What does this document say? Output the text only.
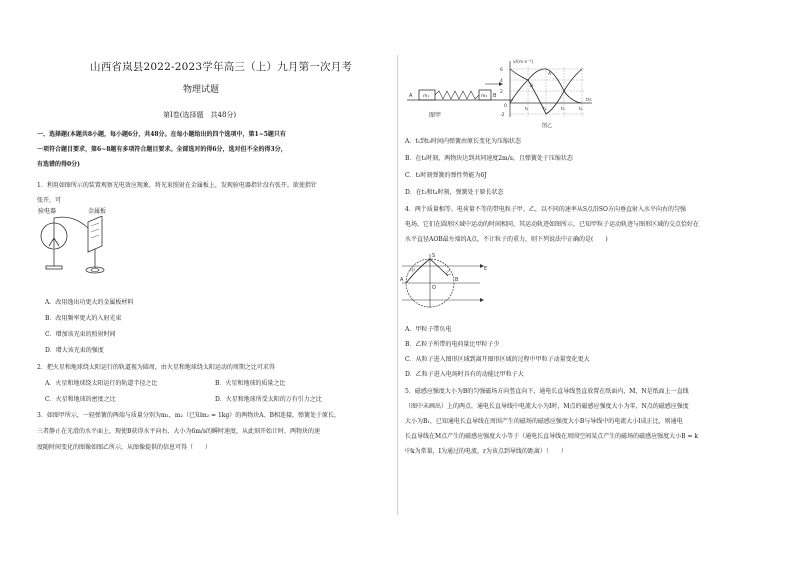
山西省岚县2022-2023学年高三（上）九月第一次月考
物理试题
第Ⅰ卷(选择题　共48分)
一、选择题(本题共8小题，每小题6分，共48分。在每小题给出的四个选项中，第1~5题只有
一项符合题目要求，第6~8题有多项符合题目要求。全部选对的得6分，选对但不全的得3分，
有选错的得0分)
1．利用如图所示的装置观察光电效应现象，将光束照射在金属板上，发现验电器指针没有张开。欲使指针
张开，可
验电器	金属板
A．改用逸出功更大的金属板材料
B．改用频率更大的入射光束
C．增加该光束的照射时间
D．增大该光束的强度
2．把火星和地球绕太阳运行的轨道视为圆周，由火星和地球绕太阳运动的周期之比可求得
A．火星和地球绕太阳运行的轨道半径之比	B．火星和地球的质量之比
C．火星和地球的密度之比	D．火星和地球所受太阳的万有引力之比
3．如图甲所示，一轻弹簧的两端与质量分别为m₁，m₂（已知m₂ = 1kg）的两物块A、B相连接，弹簧处于原长，
三者静止在光滑的水平面上，现使B获得水平向右、大小为6m/s的瞬时速度，从此刻开始计时，两物块的速
度随时间变化的图像如图乙所示，从图像提供的信息可得（　　）
A m₁	m₂ B
图甲
6
4
2
0
-2
t₁	t₂	t₃	t₄
A
B
v/(m·s⁻¹)
t/s
图乙
A．t₁到t₃时间内弹簧由原长变化为压缩状态
B．在t₃时刻，两物块达到共同速度2m/s，且弹簧处于压缩状态
C．t₃时刻弹簧的弹性势能为6J
D．在t₃和t₄时刻，弹簧处于原长状态
4．两个质量相等、电荷量不等的带电粒子甲、乙，以不同的速率从S点沿SO方向垂直射入水平向右的匀强
电场，它们在圆形区域中运动的时间相同，其运动轨迹如图所示，已知甲粒子运动轨迹与图形区域的交点恰好在
水平直径AOB最左端的A点，不计粒子的重力，则下列说法中正确的是(　　)
S
A
O
B
E
乙
甲
A．甲粒子带负电
B．乙粒子所带的电荷量比甲粒子少
C．从粒子进入图形区域到离开图形区域的过程中甲粒子动量变化更大
D．乙粒子进入电场时具有的动能比甲粒子大
5．磁感应强度大小为B的匀强磁场方向竖直向下，通电长直导线竖直放置在纸面内，M、N是纸面上一直线
（图中未画出）上的两点，通电长直导线中电流大小为I时，M点的磁感应强度大小为零，N点的磁感应强度
大小为B₁，已知通电长直导线在周围产生的磁场的磁感应强度大小B与导线中的电流大小I成正比，则通电
长直导线在M点产生的磁感应强度大小等于（通电长直导线在周围空间某点产生的磁场的磁感应强度大小B = k
中k为常量，I为通过的电流，r为该点到导线的距离）（　　）
